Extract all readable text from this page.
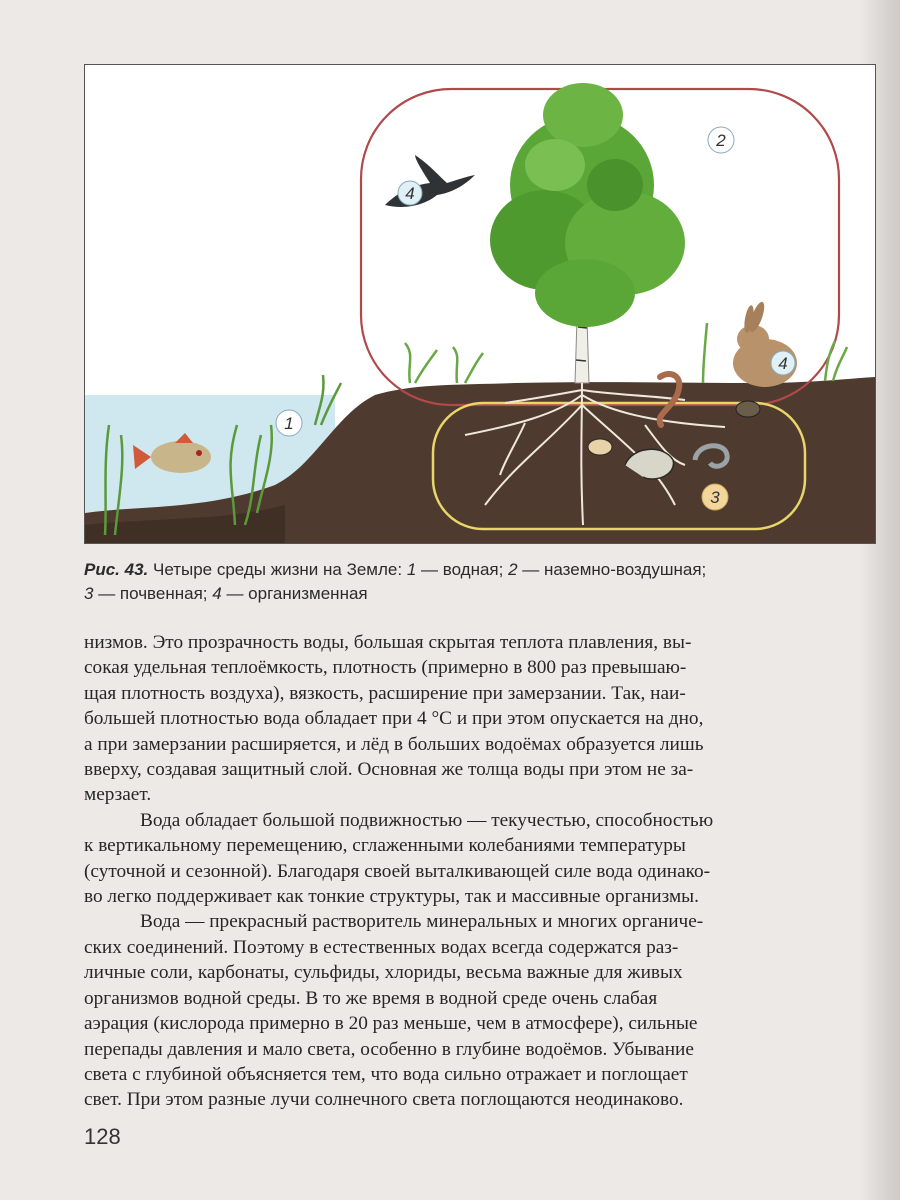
1
2
3
4
4
Рис. 43. Четыре среды жизни на Земле: 1 — водная; 2 — наземно-воздушная;
3 — почвенная; 4 — организменная
низмов. Это прозрачность воды, большая скрытая теплота плавления, вы-
сокая удельная теплоёмкость, плотность (примерно в 800 раз превышаю-
щая плотность воздуха), вязкость, расширение при замерзании. Так, наи-
большей плотностью вода обладает при 4 °С и при этом опускается на дно,
а при замерзании расширяется, и лёд в больших водоёмах образуется лишь
вверху, создавая защитный слой. Основная же толща воды при этом не за-
мерзает.
Вода обладает большой подвижностью — текучестью, способностью
к вертикальному перемещению, сглаженными колебаниями температуры
(суточной и сезонной). Благодаря своей выталкивающей силе вода одинако-
во легко поддерживает как тонкие структуры, так и массивные организмы.
Вода — прекрасный растворитель минеральных и многих органиче-
ских соединений. Поэтому в естественных водах всегда содержатся раз-
личные соли, карбонаты, сульфиды, хлориды, весьма важные для живых
организмов водной среды. В то же время в водной среде очень слабая
аэрация (кислорода примерно в 20 раз меньше, чем в атмосфере), сильные
перепады давления и мало света, особенно в глубине водоёмов. Убывание
света с глубиной объясняется тем, что вода сильно отражает и поглощает
свет. При этом разные лучи солнечного света поглощаются неодинаково.
128
